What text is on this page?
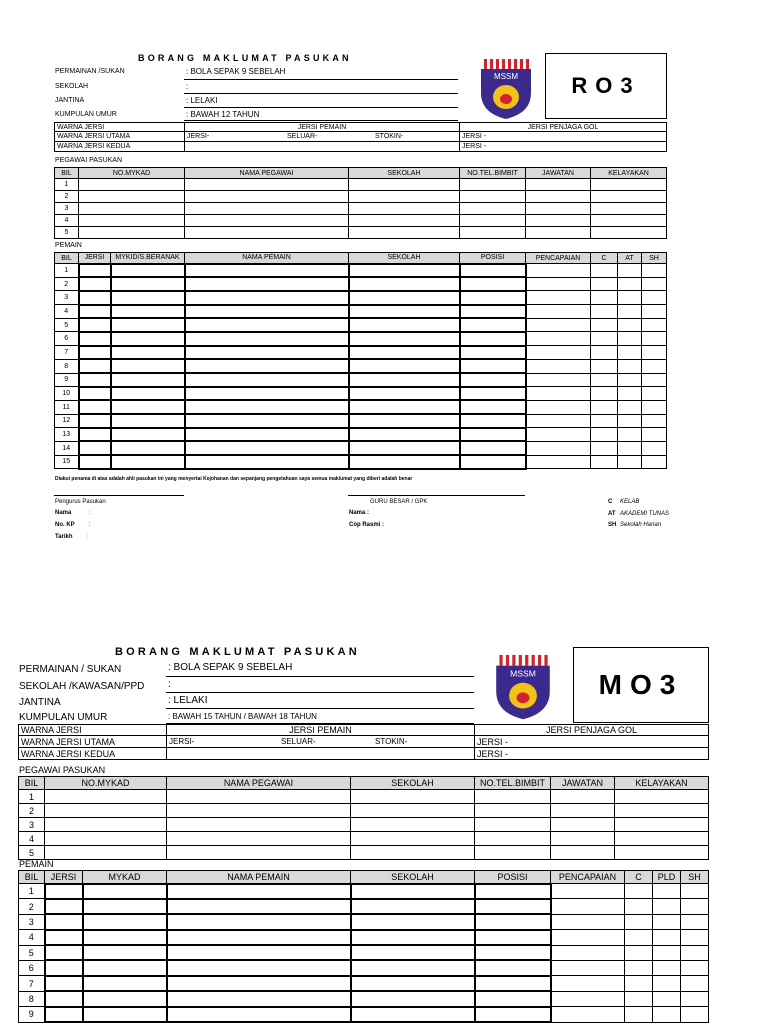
BORANG MAKLUMAT PASUKAN
PERMAINAN /SUKAN	: BOLA SEPAK 9 SEBELAH
SEKOLAH	:
JANTINA	: LELAKI
KUMPULAN UMUR	: BAWAH 12 TAHUN
MSSM	RO3
WARNA JERSI	JERSI PEMAIN	JERSI PENJAGA GOL
WARNA JERSI UTAMA	JERSI- SELUAR- STOKIN-	JERSI -
WARNA JERSI KEDUA		JERSI -
PEGAWAI PASUKAN
BIL	NO.MYKAD	NAMA PEGAWAI	SEKOLAH	NO.TEL.BIMBIT	JAWATAN	KELAYAKAN
1						
2						
3						
4						
5						
PEMAIN
BIL	JERSI	MYKID/S.BERANAK	NAMA PEMAIN	SEKOLAH	POSISI	PENCAPAIAN	C	AT	SH
1									
2									
3									
4									
5									
6									
7									
8									
9									
10									
11									
12									
13									
14									
15									
Diakui penama di atas adalah ahli pasukan ini yang menyertai Kejohanan dan sepanjang pengetahuan saya semua maklumat yang diberi adalah benar
Pengurus Pasukan
Nama	:
No. KP :
Tarikh :
GURU BESAR / GPK
Nama :
Cop Rasmi :
C KELAB
AT AKADEMI TUNAS
SH Sekolah Harian
BORANG MAKLUMAT PASUKAN
PERMAINAN / SUKAN	: BOLA SEPAK 9 SEBELAH
SEKOLAH /KAWASAN/PPD :
JANTINA	: LELAKI
KUMPULAN UMUR	: BAWAH 15 TAHUN / BAWAH 18 TAHUN
MSSM	MO3
WARNA JERSI	JERSI PEMAIN	JERSI PENJAGA GOL
WARNA JERSI UTAMA	JERSI- SELUAR- STOKIN-	JERSI -
WARNA JERSI KEDUA		JERSI -
PEGAWAI PASUKAN
BIL	NO.MYKAD	NAMA PEGAWAI	SEKOLAH	NO.TEL.BIMBIT	JAWATAN	KELAYAKAN
1						
2						
3						
4						
5						
PEMAIN
BIL	JERSI	MYKAD	NAMA PEMAIN	SEKOLAH	POSISI	PENCAPAIAN	C	PLD	SH
1									
2									
3									
4									
5									
6									
7									
8									
9									
